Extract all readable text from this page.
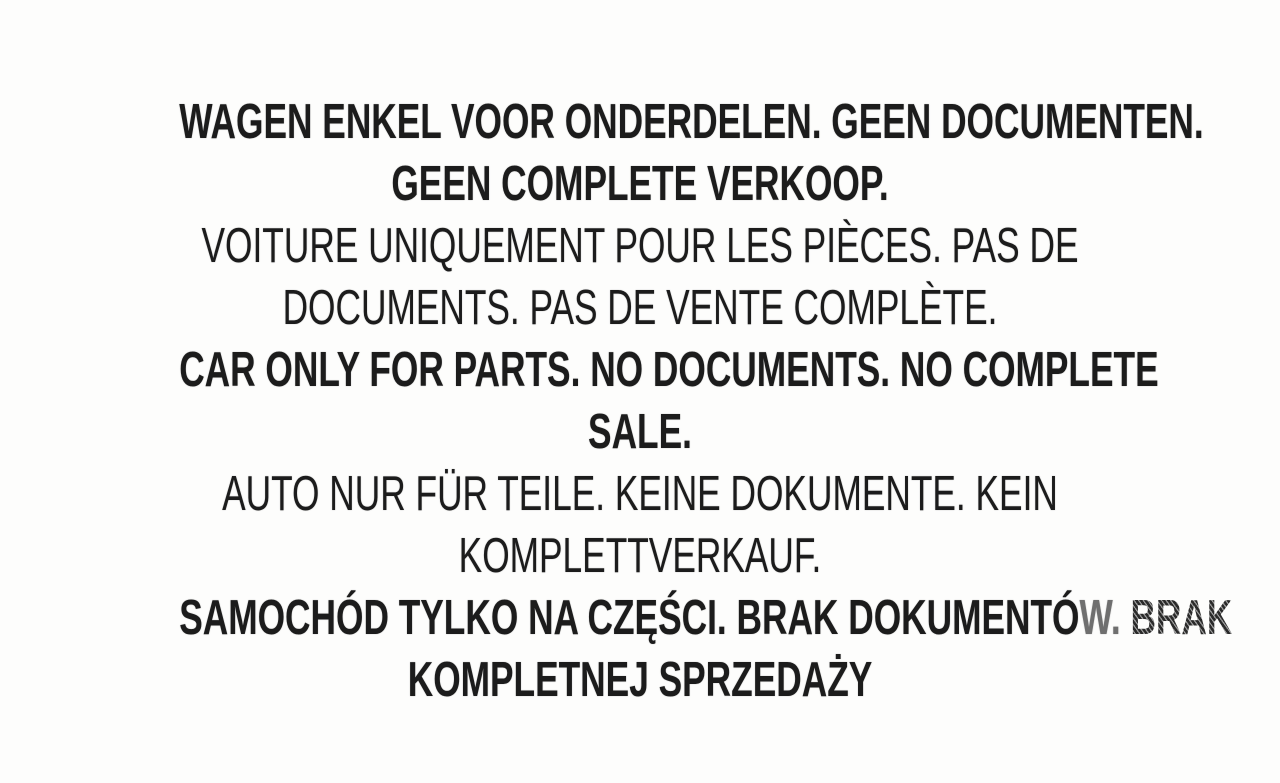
WAGEN ENKEL VOOR ONDERDELEN. GEEN DOCUMENTEN.
GEEN COMPLETE VERKOOP.
VOITURE UNIQUEMENT POUR LES PIÈCES. PAS DE
DOCUMENTS. PAS DE VENTE COMPLÈTE.
CAR ONLY FOR PARTS. NO DOCUMENTS. NO COMPLETE
SALE.
AUTO NUR FÜR TEILE. KEINE DOKUMENTE. KEIN
KOMPLETTVERKAUF.
SAMOCHÓD TYLKO NA CZĘŚCI. BRAK DOKUMENTÓW. BRAK
KOMPLETNEJ SPRZEDAŻY
